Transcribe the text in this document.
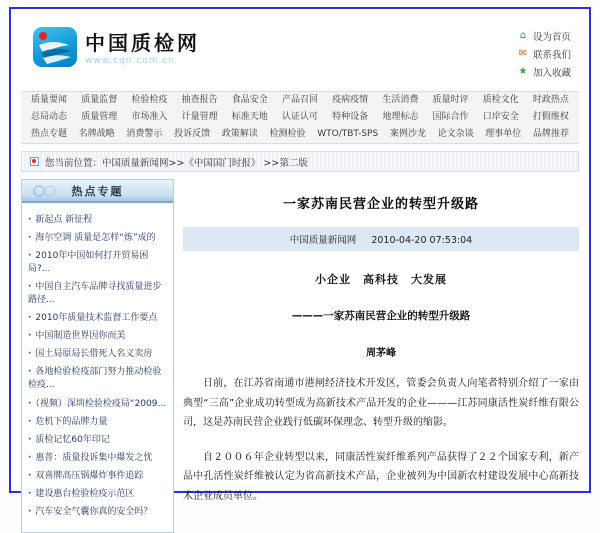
中国质检网
www.cqn.com.cn
⌂ 设为首页
✉ 联系我们
★ 加入收藏
质量要闻 质量监督 检验检疫 抽查报告 食品安全 产品召回 疫病疫情 生活消费 质量时评 质检文化 时政热点
总局动态 质量管理 市场准入 计量管理 标准天地 认证认可 特种设备 地理标志 国际合作 口岸安全 打假维权
热点专题 名牌战略 消费警示 投诉反馈 政策解读 检测检验 WTO/TBT-SPS 案例沙龙 论文杂谈 理事单位 品牌推荐
您当前位置：中国质量新闻网>>《中国国门时报》 >>第二版
热点专题
· 新起点 新征程
· 海尔空调 质量是怎样“炼”成的
· 2010年中国如何打开贸易困局?...
· 中国自主汽车品牌寻找质量进步路径...
· 2010年质量技术监督工作要点
· 中国制造世界因你而美
· 国土局原局长借死人名义卖房
· 各地检验检疫部门努力推动检验检疫...
· （视频）深圳检验检疫局“2009...
· 危机下的品牌力量
· 质检记忆60年印记
· 惠普：质量投诉集中爆发之忧
· 双喜牌高压锅爆炸事件追踪
· 建设惠台检验检疫示范区
· 汽车安全气囊你真的安全吗？
一家苏南民营企业的转型升级路
中国质量新闻网 2010-04-20 07:53:04
小企业　高科技　大发展
———一家苏南民营企业的转型升级路
周茅峰

日前，在江苏省南通市港闸经济技术开发区，管委会负责人向笔者特别介绍了一家由典型“三高”企业成功转型成为高新技术产品开发的企业———江苏同康活性炭纤维有限公司，这是苏南民营企业践行低碳环保理念、转型升级的缩影。

自２００６年企业转型以来，同康活性炭纤维系列产品获得了２２个国家专利，新产品中孔活性炭纤维被认定为省高新技术产品，企业被列为中国新农村建设发展中心高新技术企业成员单位。
